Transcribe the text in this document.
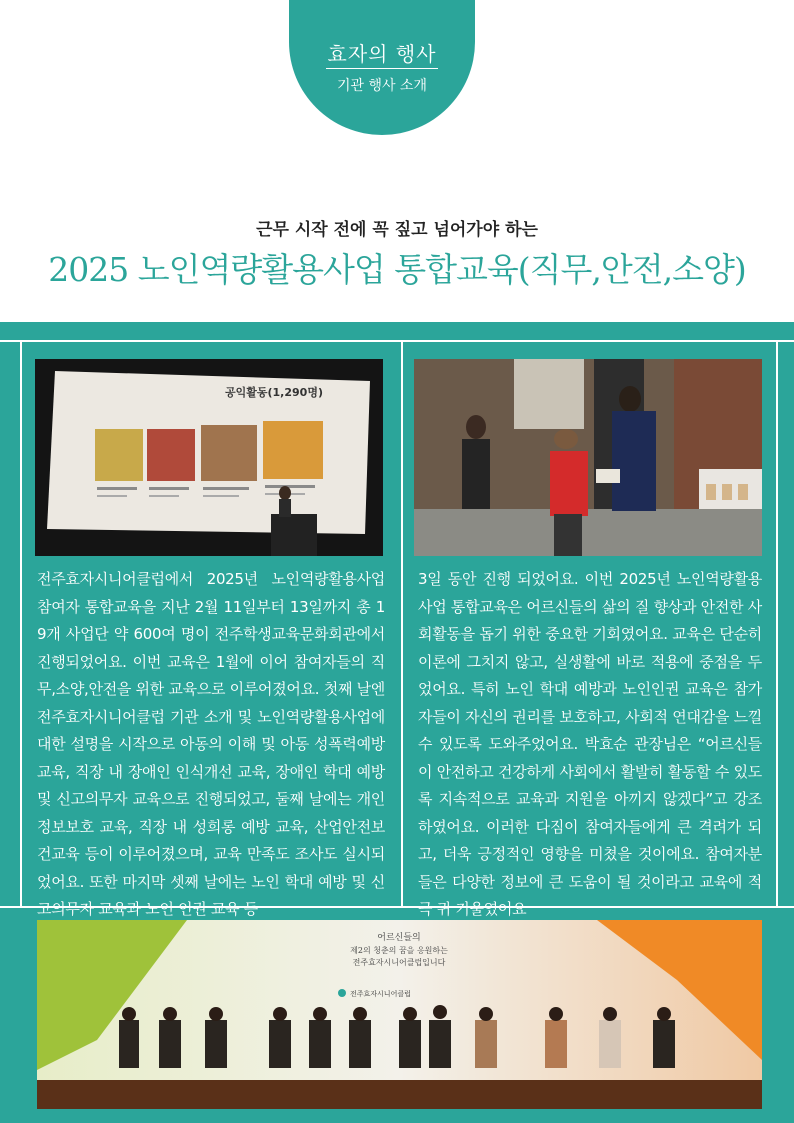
효자의 행사
기관 행사 소개
근무 시작 전에 꼭 짚고 넘어가야 하는
2025 노인역량활용사업 통합교육(직무,안전,소양)
공익활동(1,290명)
전주효자시니어클럽에서 2025년 노인역량활용사업 참여자 통합교육을 지난 2월 11일부터 13일까지 총 19개 사업단 약 600여 명이 전주학생교육문화회관에서 진행되었어요. 이번 교육은 1월에 이어 참여자들의 직무,소양,안전을 위한 교육으로 이루어졌어요. 첫째 날엔 전주효자시니어클럽 기관 소개 및 노인역량활용사업에 대한 설명을 시작으로 아동의 이해 및 아동 성폭력예방교육, 직장 내 장애인 인식개선 교육, 장애인 학대 예방 및 신고의무자 교육으로 진행되었고, 둘째 날에는 개인정보보호 교육, 직장 내 성희롱 예방 교육, 산업안전보건교육 등이 이루어졌으며, 교육 만족도 조사도 실시되었어요. 또한 마지막 셋째 날에는 노인 학대 예방 및 신고의무자 교육과 노인 인권 교육 등
3일 동안 진행 되었어요. 이번 2025년 노인역량활용사업 통합교육은 어르신들의 삶의 질 향상과 안전한 사회활동을 돕기 위한 중요한 기회였어요. 교육은 단순히 이론에 그치지 않고, 실생활에 바로 적용에 중점을 두었어요. 특히 노인 학대 예방과 노인인권 교육은 참가자들이 자신의 권리를 보호하고, 사회적 연대감을 느낄 수 있도록 도와주었어요. 박효순 관장님은 “어르신들이 안전하고 건강하게 사회에서 활발히 활동할 수 있도록 지속적으로 교육과 지원을 아끼지 않겠다”고 강조하였어요. 이러한 다짐이 참여자들에게 큰 격려가 되고, 더욱 긍정적인 영향을 미쳤을 것이에요. 참여자분들은 다양한 정보에 큰 도움이 될 것이라고 교육에 적극 귀 기울였어요
어르신들의
제2의 청춘의 꿈을 응원하는
전주효자시니어클럽입니다
전주효자시니어클럽
